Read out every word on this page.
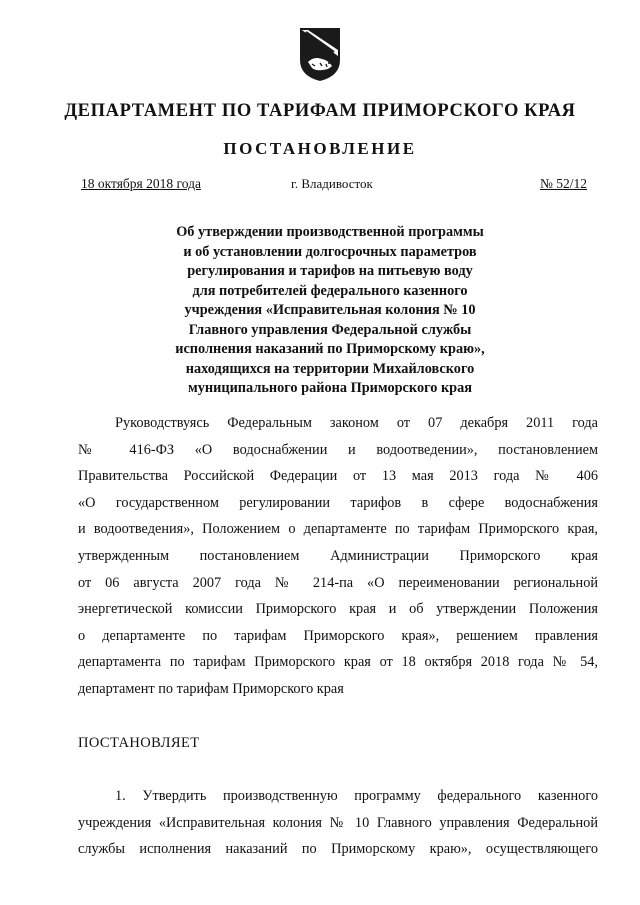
ДЕПАРТАМЕНТ ПО ТАРИФАМ ПРИМОРСКОГО КРАЯ
ПОСТАНОВЛЕНИЕ
18 октября 2018 года	г. Владивосток	№ 52/12
Об утверждении производственной программы
и об установлении долгосрочных параметров
регулирования и тарифов на питьевую воду
для потребителей федерального казенного
учреждения «Исправительная колония № 10
Главного управления Федеральной службы
исполнения наказаний по Приморскому краю»,
находящихся на территории Михайловского
муниципального района Приморского края
Руководствуясь Федеральным законом от 07 декабря 2011 года
№ 416-ФЗ «О водоснабжении и водоотведении», постановлением
Правительства Российской Федерации от 13 мая 2013 года № 406
«О государственном регулировании тарифов в сфере водоснабжения
и водоотведения», Положением о департаменте по тарифам Приморского края,
утвержденным постановлением Администрации Приморского края
от 06 августа 2007 года № 214-па «О переименовании региональной
энергетической комиссии Приморского края и об утверждении Положения
о департаменте по тарифам Приморского края», решением правления
департамента по тарифам Приморского края от 18 октября 2018 года № 54,
департамент по тарифам Приморского края
ПОСТАНОВЛЯЕТ
1. Утвердить производственную программу федерального казенного
учреждения «Исправительная колония № 10 Главного управления Федеральной
службы исполнения наказаний по Приморскому краю», осуществляющего
